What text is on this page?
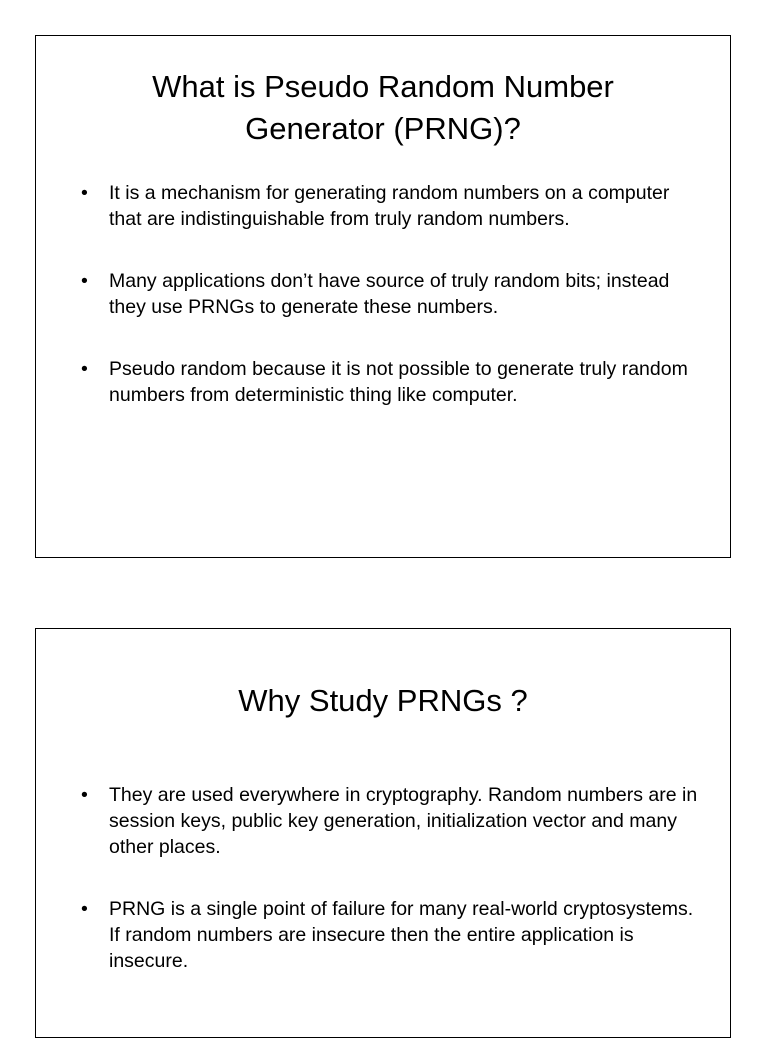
What is Pseudo Random Number
Generator (PRNG)?
•	It is a mechanism for generating random numbers on a computer that are indistinguishable from truly random numbers.
•	Many applications don’t have source of truly random bits; instead they use PRNGs to generate these numbers.
•	Pseudo random because it is not possible to generate truly random numbers from deterministic thing like computer.
Why Study PRNGs ?
•	They are used everywhere in cryptography. Random numbers are in session keys, public key generation, initialization vector and many other places.
•	PRNG is a single point of failure for many real-world cryptosystems. If random numbers are insecure then the entire application is insecure.
